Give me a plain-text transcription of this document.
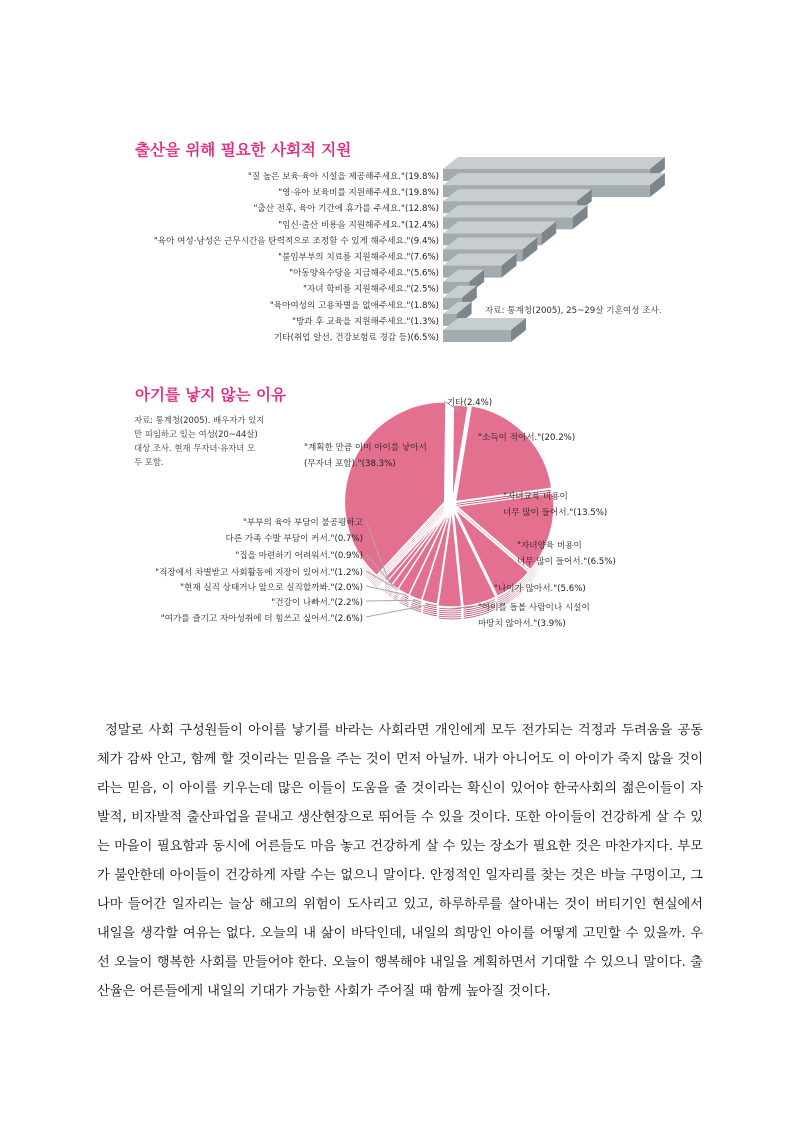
출산을 위해 필요한 사회적 지원
"질 높은 보육·육아 시설을 제공해주세요."(19.8%)
"영·유아 보육비를 지원해주세요."(19.8%)
"출산 전후, 육아 기간에 휴가를 주세요."(12.8%)
"임신·출산 비용을 지원해주세요."(12.4%)
"육아 여성·남성은 근무시간을 탄력적으로 조정할 수 있게 해주세요."(9.4%)
"불임부부의 치료를 지원해주세요."(7.6%)
"아동양육수당을 지급해주세요."(5.6%)
"자녀 학비를 지원해주세요."(2.5%)
"육아여성의 고용차별을 없애주세요."(1.8%)
"방과 후 교육을 지원해주세요."(1.3%)
기타(취업 알선, 건강보험료 경감 등)(6.5%)
자료: 통계청(2005), 25~29살 기혼여성 조사.
아기를 낳지 않는 이유
자료: 통계청(2005). 배우자가 있지
만 피임하고 있는 여성(20~44살)
대상 조사. 현재 무자녀·유자녀 모
두 포함.
기타(2.4%)
"소득이 적어서."(20.2%)
"자녀교육 비용이
너무 많이 들어서."(13.5%)
"자녀양육 비용이
너무 많이 들어서."(6.5%)
"나이가 많아서."(5.6%)
"아이를 돌볼 사람이나 시설이
마땅치 않아서."(3.9%)
"여가를 즐기고 자아성취에 더 힘쓰고 싶어서."(2.6%)
"건강이 나빠서."(2.2%)
"현재 실직 상태거나 앞으로 실직할까봐."(2.0%)
"직장에서 차별받고 사회활동에 지장이 있어서."(1.2%)
"집을 마련하기 어려워서."(0.9%)
"부부의 육아 부담이 불공평하고
다른 가족 수발 부담이 커서."(0.7%)
"계획한 만큼 이미 아이를 낳아서
(무자녀 포함)."(38.3%)

정말로 사회 구성원들이 아이를 낳기를 바라는 사회라면 개인에게 모두 전가되는 걱정과 두려움을 공동체가 감싸 안고, 함께 할 것이라는 믿음을 주는 것이 먼저 아닐까. 내가 아니어도 이 아이가 죽지 않을 것이라는 믿음, 이 아이를 키우는데 많은 이들이 도움을 줄 것이라는 확신이 있어야 한국사회의 젊은이들이 자발적, 비자발적 출산파업을 끝내고 생산현장으로 뛰어들 수 있을 것이다. 또한 아이들이 건강하게 살 수 있는 마을이 필요함과 동시에 어른들도 마음 놓고 건강하게 살 수 있는 장소가 필요한 것은 마찬가지다. 부모가 불안한데 아이들이 건강하게 자랄 수는 없으니 말이다. 안정적인 일자리를 찾는 것은 바늘 구멍이고, 그나마 들어간 일자리는 늘상 해고의 위험이 도사리고 있고, 하루하루를 살아내는 것이 버티기인 현실에서 내일을 생각할 여유는 없다. 오늘의 내 삶이 바닥인데, 내일의 희망인 아이를 어떻게 고민할 수 있을까. 우선 오늘이 행복한 사회를 만들어야 한다. 오늘이 행복해야 내일을 계획하면서 기대할 수 있으니 말이다. 출산율은 어른들에게 내일의 기대가 가능한 사회가 주어질 때 함께 높아질 것이다.
